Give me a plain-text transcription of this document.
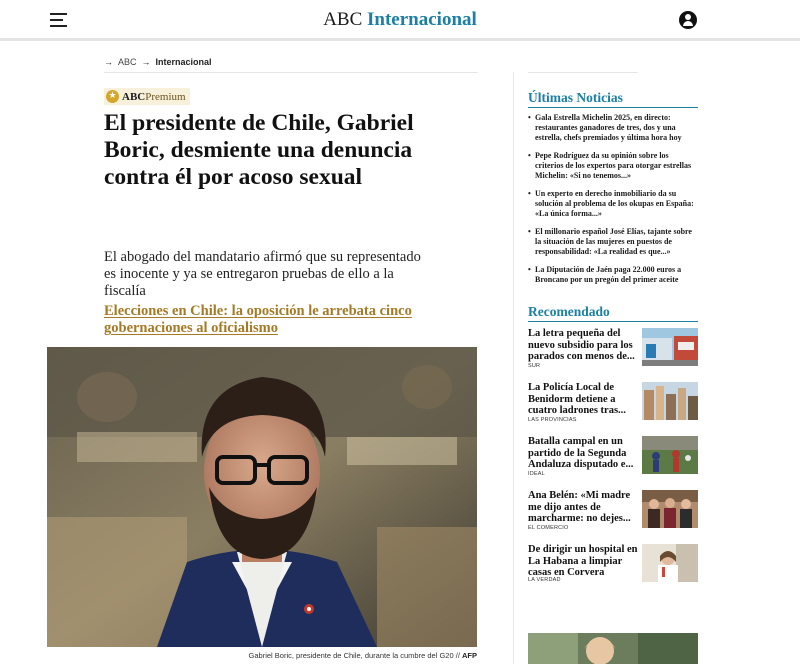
ABC Internacional
→ ABC → Internacional
★ ABC Premium
El presidente de Chile, Gabriel Boric, desmiente una denuncia contra él por acoso sexual

El abogado del mandatario afirmó que su representado es inocente y ya se entregaron pruebas de ello a la fiscalía

Elecciones en Chile: la oposición le arrebata cinco gobernaciones al oficialismo
Gabriel Boric, presidente de Chile, durante la cumbre del G20 // AFP
Últimas Noticias
• Gala Estrella Michelin 2025, en directo: restaurantes ganadores de tres, dos y una estrella, chefs premiados y última hora hoy
• Pepe Rodríguez da su opinión sobre los criterios de los expertos para otorgar estrellas Michelin: «Si no tenemos...»
• Un experto en derecho inmobiliario da su solución al problema de los okupas en España: «La única forma...»
• El millonario español José Elías, tajante sobre la situación de las mujeres en puestos de responsabilidad: «La realidad es que...»
• La Diputación de Jaén paga 22.000 euros a Broncano por un pregón del primer aceite
Recomendado
La letra pequeña del nuevo subsidio para los parados con menos de...
SUR
La Policía Local de Benidorm detiene a cuatro ladrones tras...
LAS PROVINCIAS
Batalla campal en un partido de la Segunda Andaluza disputado e...
IDEAL
Ana Belén: «Mi madre me dijo antes de marcharme: no dejes...
EL COMERCIO
De dirigir un hospital en La Habana a limpiar casas en Corvera
LA VERDAD
